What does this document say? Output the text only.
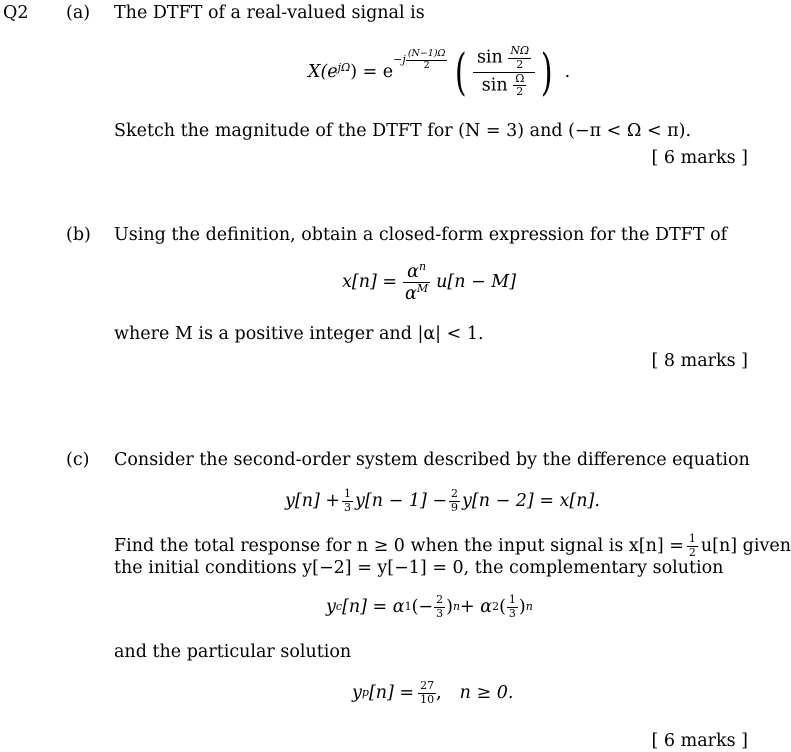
Q2 (a) The DTFT of a real-valued signal is
$X(e^{j\Omega}$ ) = e
$-j \frac{(N-1)\Omega}{2}$ ( $\frac{\sin \frac{N\Omega}{2}}{\sin \frac{\Omega}{2}}$ ) .
Sketch the magnitude of the DTFT for (N = 3) and (−π < Ω < π).
[ 6 marks ]
(b) Using the definition, obtain a closed-form expression for the DTFT of
$x[n] = \frac{\alpha^n}{\alpha^M} u[n - M]$
where M is a positive integer and |α| < 1.
[ 8 marks ]
(c) Consider the second-order system described by the difference equation
$y[n] + \frac{1}{3} y[n - 1] - \frac{2}{9} y[n - 2] = x[n]$.
Find the total response for n ≥ 0 when the input signal is $x[n] = \frac{1}{2} u[n]$ given
the initial conditions y[−2] = y[−1] = 0, the complementary solution
y c [n] = α 1 (− $\frac{2}{3}$ ) n + α 2 ( $\frac{1}{3}$ ) n
and the particular solution
y p $[n] = \frac{27}{10}$ , n ≥ 0.
[ 6 marks ]
